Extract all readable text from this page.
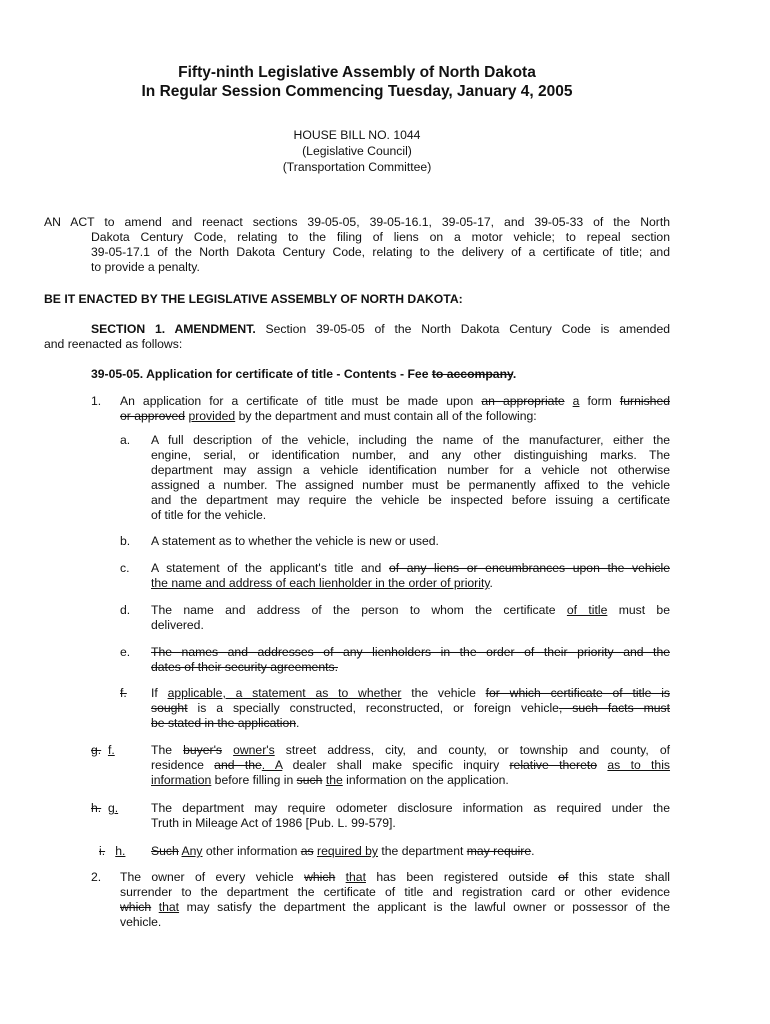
Fifty-ninth Legislative Assembly of North Dakota
In Regular Session Commencing Tuesday, January 4, 2005
HOUSE BILL NO. 1044
(Legislative Council)
(Transportation Committee)
AN ACT to amend and reenact sections 39-05-05, 39-05-16.1, 39-05-17, and 39-05-33 of the North
Dakota Century Code, relating to the filing of liens on a motor vehicle; to repeal section
39-05-17.1 of the North Dakota Century Code, relating to the delivery of a certificate of title; and
to provide a penalty.
BE IT ENACTED BY THE LEGISLATIVE ASSEMBLY OF NORTH DAKOTA:
SECTION 1. AMENDMENT. Section 39-05-05 of the North Dakota Century Code is amended
and reenacted as follows:
39-05-05. Application for certificate of title - Contents - Fee to accompany.
1. An application for a certificate of title must be made upon an appropriate a form furnished
or approved provided by the department and must contain all of the following:
a. A full description of the vehicle, including the name of the manufacturer, either the
engine, serial, or identification number, and any other distinguishing marks. The
department may assign a vehicle identification number for a vehicle not otherwise
assigned a number. The assigned number must be permanently affixed to the vehicle
and the department may require the vehicle be inspected before issuing a certificate
of title for the vehicle.
b. A statement as to whether the vehicle is new or used.
c. A statement of the applicant's title and of any liens or encumbrances upon the vehicle
the name and address of each lienholder in the order of priority.
d. The name and address of the person to whom the certificate of title must be
delivered.
e. The names and addresses of any lienholders in the order of their priority and the
dates of their security agreements.
f. If applicable, a statement as to whether the vehicle for which certificate of title is
sought is a specially constructed, reconstructed, or foreign vehicle, such facts must
be stated in the application.
g. f.	The buyer's owner's street address, city, and county, or township and county, of
residence and the. A dealer shall make specific inquiry relative thereto as to this
information before filling in such the information on the application.
h. g.	The department may require odometer disclosure information as required under the
Truth in Mileage Act of 1986 [Pub. L. 99-579].
i. h. Such Any other information as required by the department may require.
2. The owner of every vehicle which that has been registered outside of this state shall
surrender to the department the certificate of title and registration card or other evidence
which that may satisfy the department the applicant is the lawful owner or possessor of the
vehicle.
